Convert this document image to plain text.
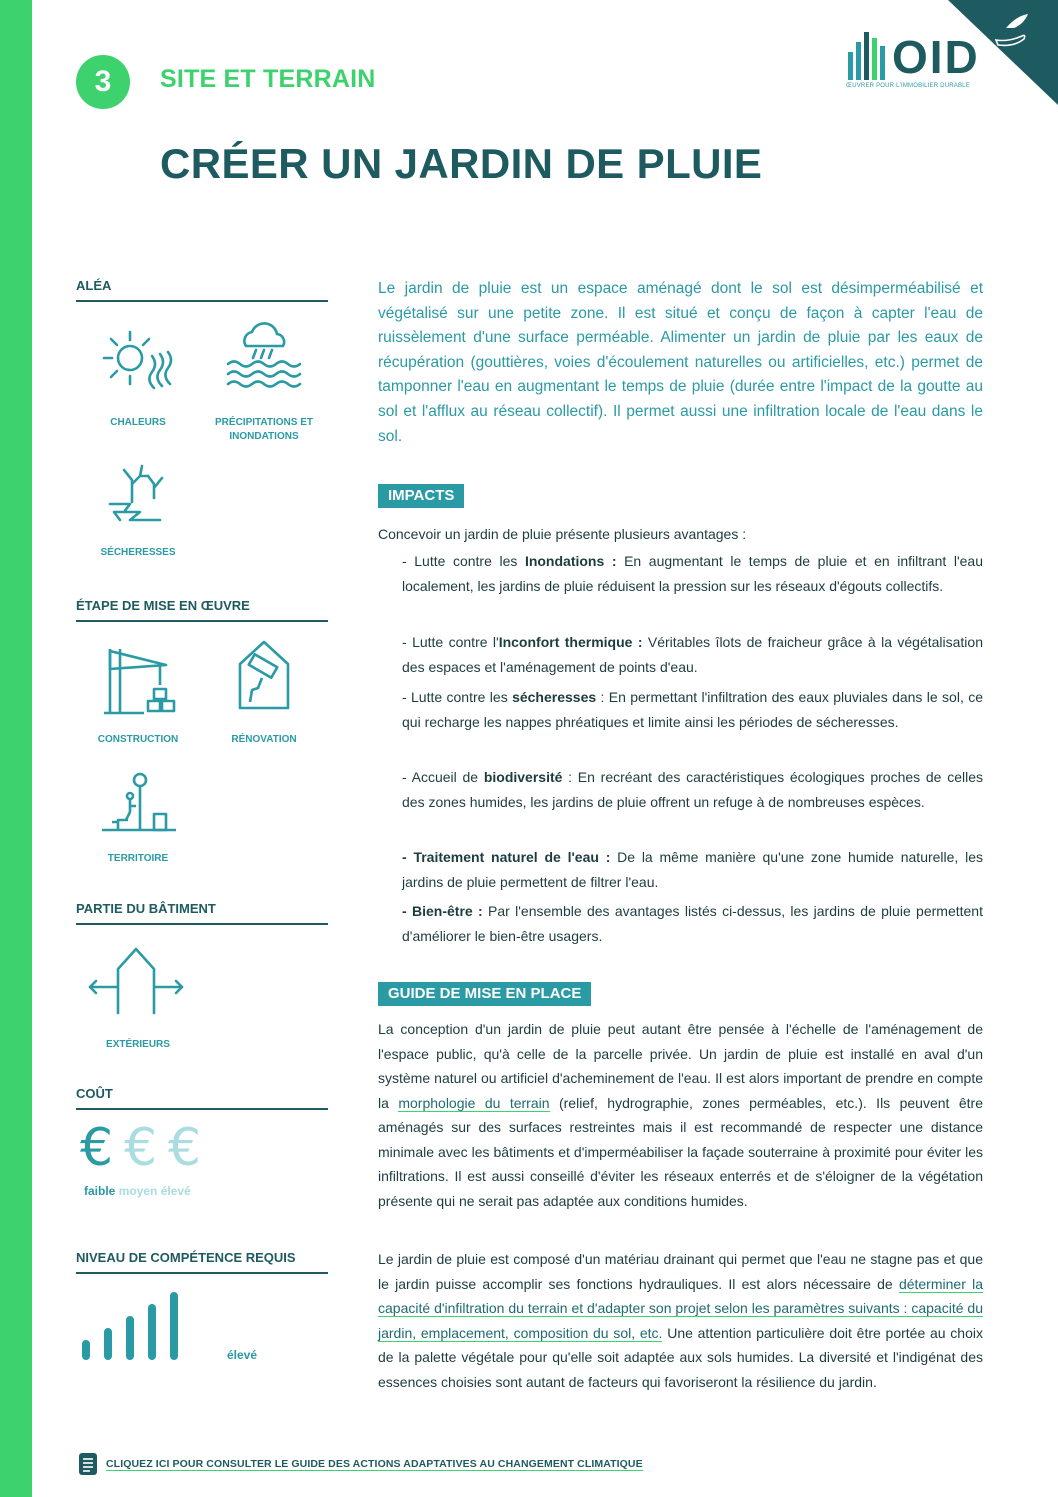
3	SITE ET TERRAIN	OID
ŒUVRER POUR L'IMMOBILIER DURABLE
CRÉER UN JARDIN DE PLUIE
ALÉA
CHALEURS	PRÉCIPITATIONS ET
INONDATIONS
SÉCHERESSES
ÉTAPE DE MISE EN ŒUVRE
CONSTRUCTION	RÉNOVATION
TERRITOIRE
PARTIE DU BÂTIMENT
EXTÉRIEURS
COÛT
€ € €
faible moyen élevé
NIVEAU DE COMPÉTENCE REQUIS
élevé

Le jardin de pluie est un espace aménagé dont le sol est désimperméabilisé et végétalisé sur une petite zone. Il est situé et conçu de façon à capter l'eau de ruissèlement d'une surface perméable. Alimenter un jardin de pluie par les eaux de récupération (gouttières, voies d'écoulement naturelles ou artificielles, etc.) permet de tamponner l'eau en augmentant le temps de pluie (durée entre l'impact de la goutte au sol et l'afflux au réseau collectif). Il permet aussi une infiltration locale de l'eau dans le sol.

IMPACTS

Concevoir un jardin de pluie présente plusieurs avantages :

- Lutte contre les Inondations : En augmentant le temps de pluie et en infiltrant l'eau localement, les jardins de pluie réduisent la pression sur les réseaux d'égouts collectifs.

- Lutte contre l'Inconfort thermique : Véritables îlots de fraicheur grâce à la végétalisation des espaces et l'aménagement de points d'eau.

- Lutte contre les sécheresses : En permettant l'infiltration des eaux pluviales dans le sol, ce qui recharge les nappes phréatiques et limite ainsi les périodes de sécheresses.

- Accueil de biodiversité : En recréant des caractéristiques écologiques proches de celles des zones humides, les jardins de pluie offrent un refuge à de nombreuses espèces.

- Traitement naturel de l'eau : De la même manière qu'une zone humide naturelle, les jardins de pluie permettent de filtrer l'eau.

- Bien-être : Par l'ensemble des avantages listés ci-dessus, les jardins de pluie permettent d'améliorer le bien-être usagers.

GUIDE DE MISE EN PLACE

La conception d'un jardin de pluie peut autant être pensée à l'échelle de l'aménagement de l'espace public, qu'à celle de la parcelle privée. Un jardin de pluie est installé en aval d'un système naturel ou artificiel d'acheminement de l'eau. Il est alors important de prendre en compte la morphologie du terrain (relief, hydrographie, zones perméables, etc.). Ils peuvent être aménagés sur des surfaces restreintes mais il est recommandé de respecter une distance minimale avec les bâtiments et d'imperméabiliser la façade souterraine à proximité pour éviter les infiltrations. Il est aussi conseillé d'éviter les réseaux enterrés et de s'éloigner de la végétation présente qui ne serait pas adaptée aux conditions humides.

Le jardin de pluie est composé d'un matériau drainant qui permet que l'eau ne stagne pas et que le jardin puisse accomplir ses fonctions hydrauliques. Il est alors nécessaire de déterminer la capacité d'infiltration du terrain et d'adapter son projet selon les paramètres suivants : capacité du jardin, emplacement, composition du sol, etc. Une attention particulière doit être portée au choix de la palette végétale pour qu'elle soit adaptée aux sols humides. La diversité et l'indigénat des essences choisies sont autant de facteurs qui favoriseront la résilience du jardin.

CLIQUEZ ICI POUR CONSULTER LE GUIDE DES ACTIONS ADAPTATIVES AU CHANGEMENT CLIMATIQUE
